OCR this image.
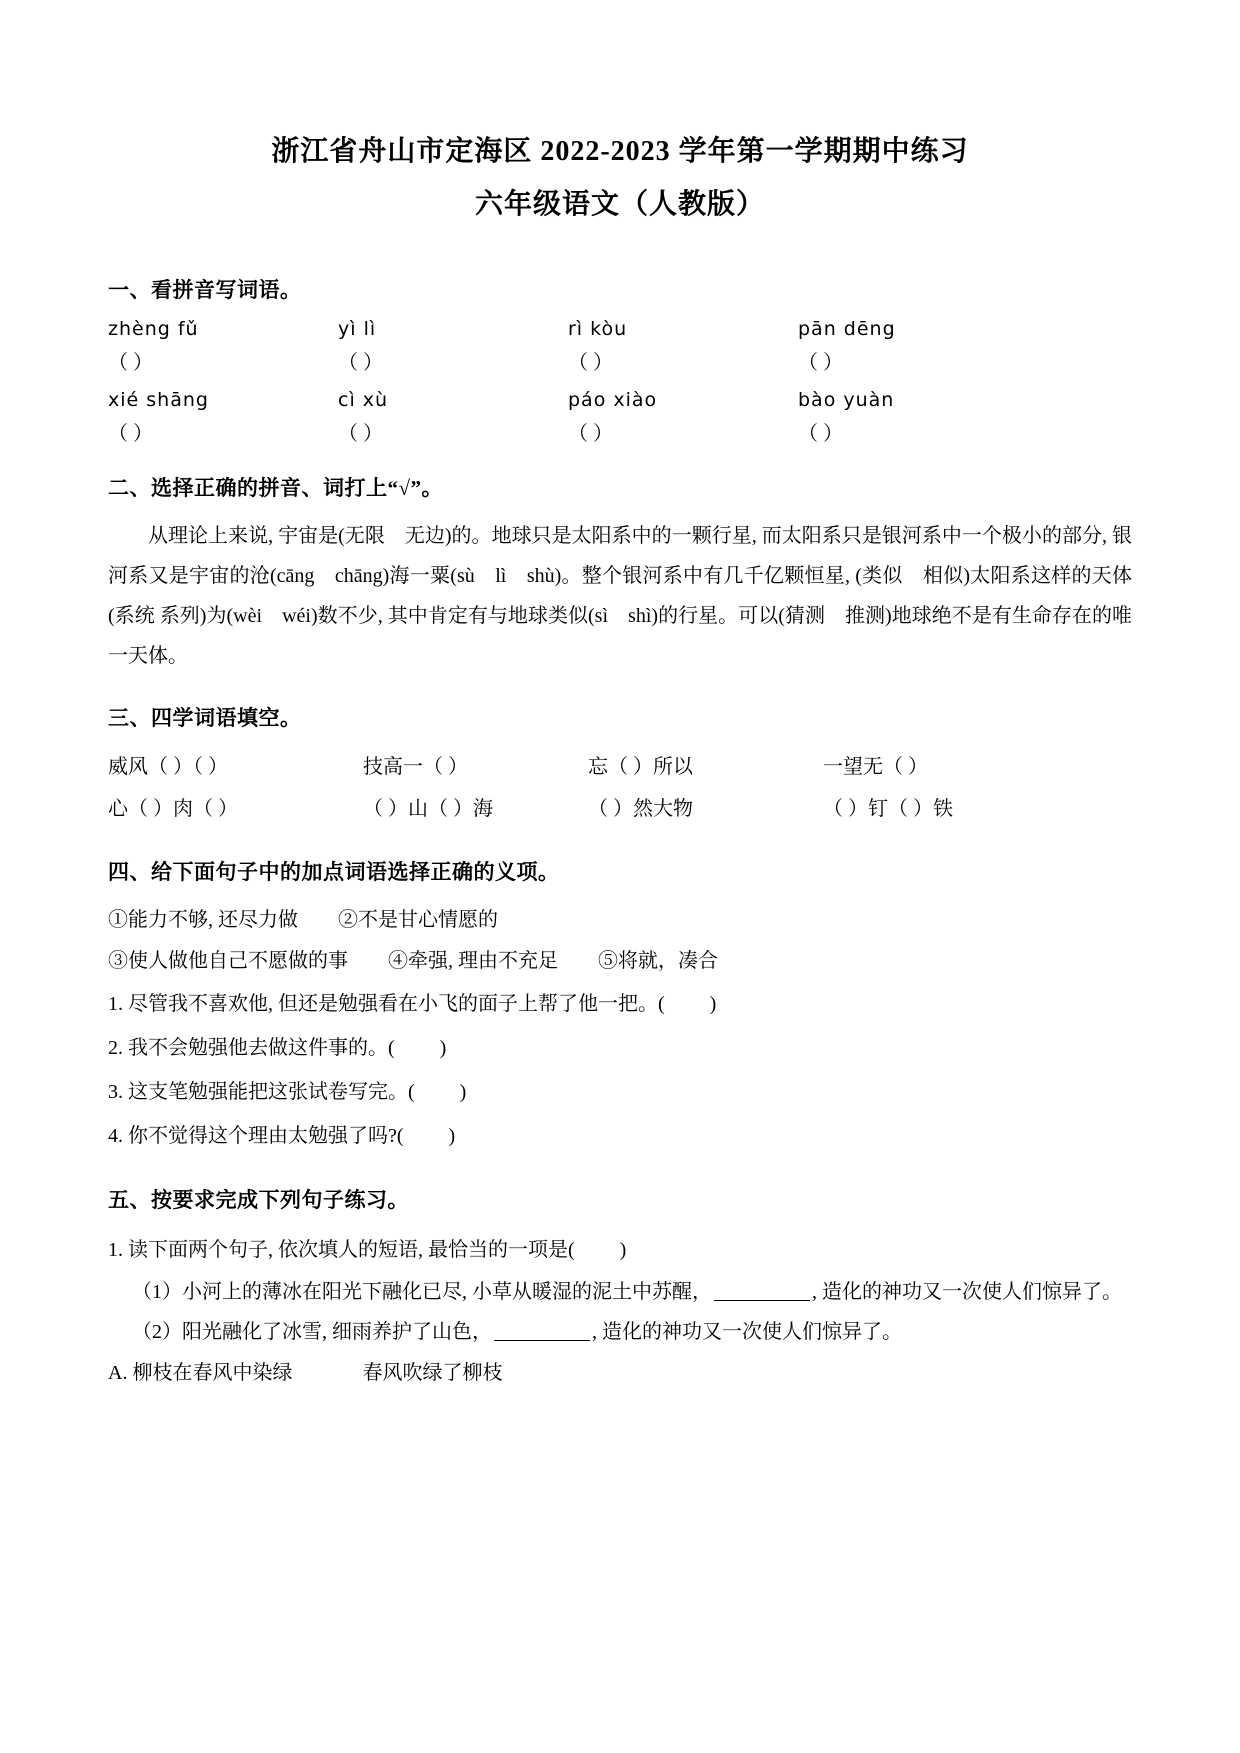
浙江省舟山市定海区 2022-2023 学年第一学期期中练习
六年级语文（人教版）
一、看拼音写词语。
zhèng fǔ	yì lì	rì kòu	pān dēng
（ ）	（ ）	（ ）	（ ）
xié shāng	cì xù	páo xiào	bào yuàn
（ ）	（ ）	（ ）	（ ）
二、选择正确的拼音、词打上“√”。
从理论上来说, 宇宙是(无限　无边)的。地球只是太阳系中的一颗行星, 而太阳系只是银河系中一个极小的部分, 银河系又是宇宙的沧(cāng　chāng)海一粟(sù　lì　shù)。整个银河系中有几千亿颗恒星, (类似　相似)太阳系这样的天体(系统 系列)为(wèi　wéi)数不少, 其中肯定有与地球类似(sì　shì)的行星。可以(猜测　推测)地球绝不是有生命存在的唯一天体。
三、四学词语填空。
威风（ ）（ ）	技高一（ ）	忘（ ）所以	一望无（ ）
心（ ）肉（ ）	（ ）山（ ）海	（ ）然大物	（ ）钉（ ）铁
四、给下面句子中的加点词语选择正确的义项。
①能力不够, 还尽力做　　②不是甘心情愿的
③使人做他自己不愿做的事　　④牵强, 理由不充足　　⑤将就，凑合
1. 尽管我不喜欢他, 但还是勉强看在小飞的面子上帮了他一把。(　　 )
2. 我不会勉强他去做这件事的。(　　 )
3. 这支笔勉强能把这张试卷写完。(　　 )
4. 你不觉得这个理由太勉强了吗?(　　 )
五、按要求完成下列句子练习。
1. 读下面两个句子, 依次填人的短语, 最恰当的一项是(　　 )
（1）小河上的薄冰在阳光下融化已尽, 小草从暖湿的泥土中苏醒，	, 造化的神功又一次使人们惊异了。
（2）阳光融化了冰雪, 细雨养护了山色，	, 造化的神功又一次使人们惊异了。
A. 柳枝在春风中染绿	春风吹绿了柳枝
